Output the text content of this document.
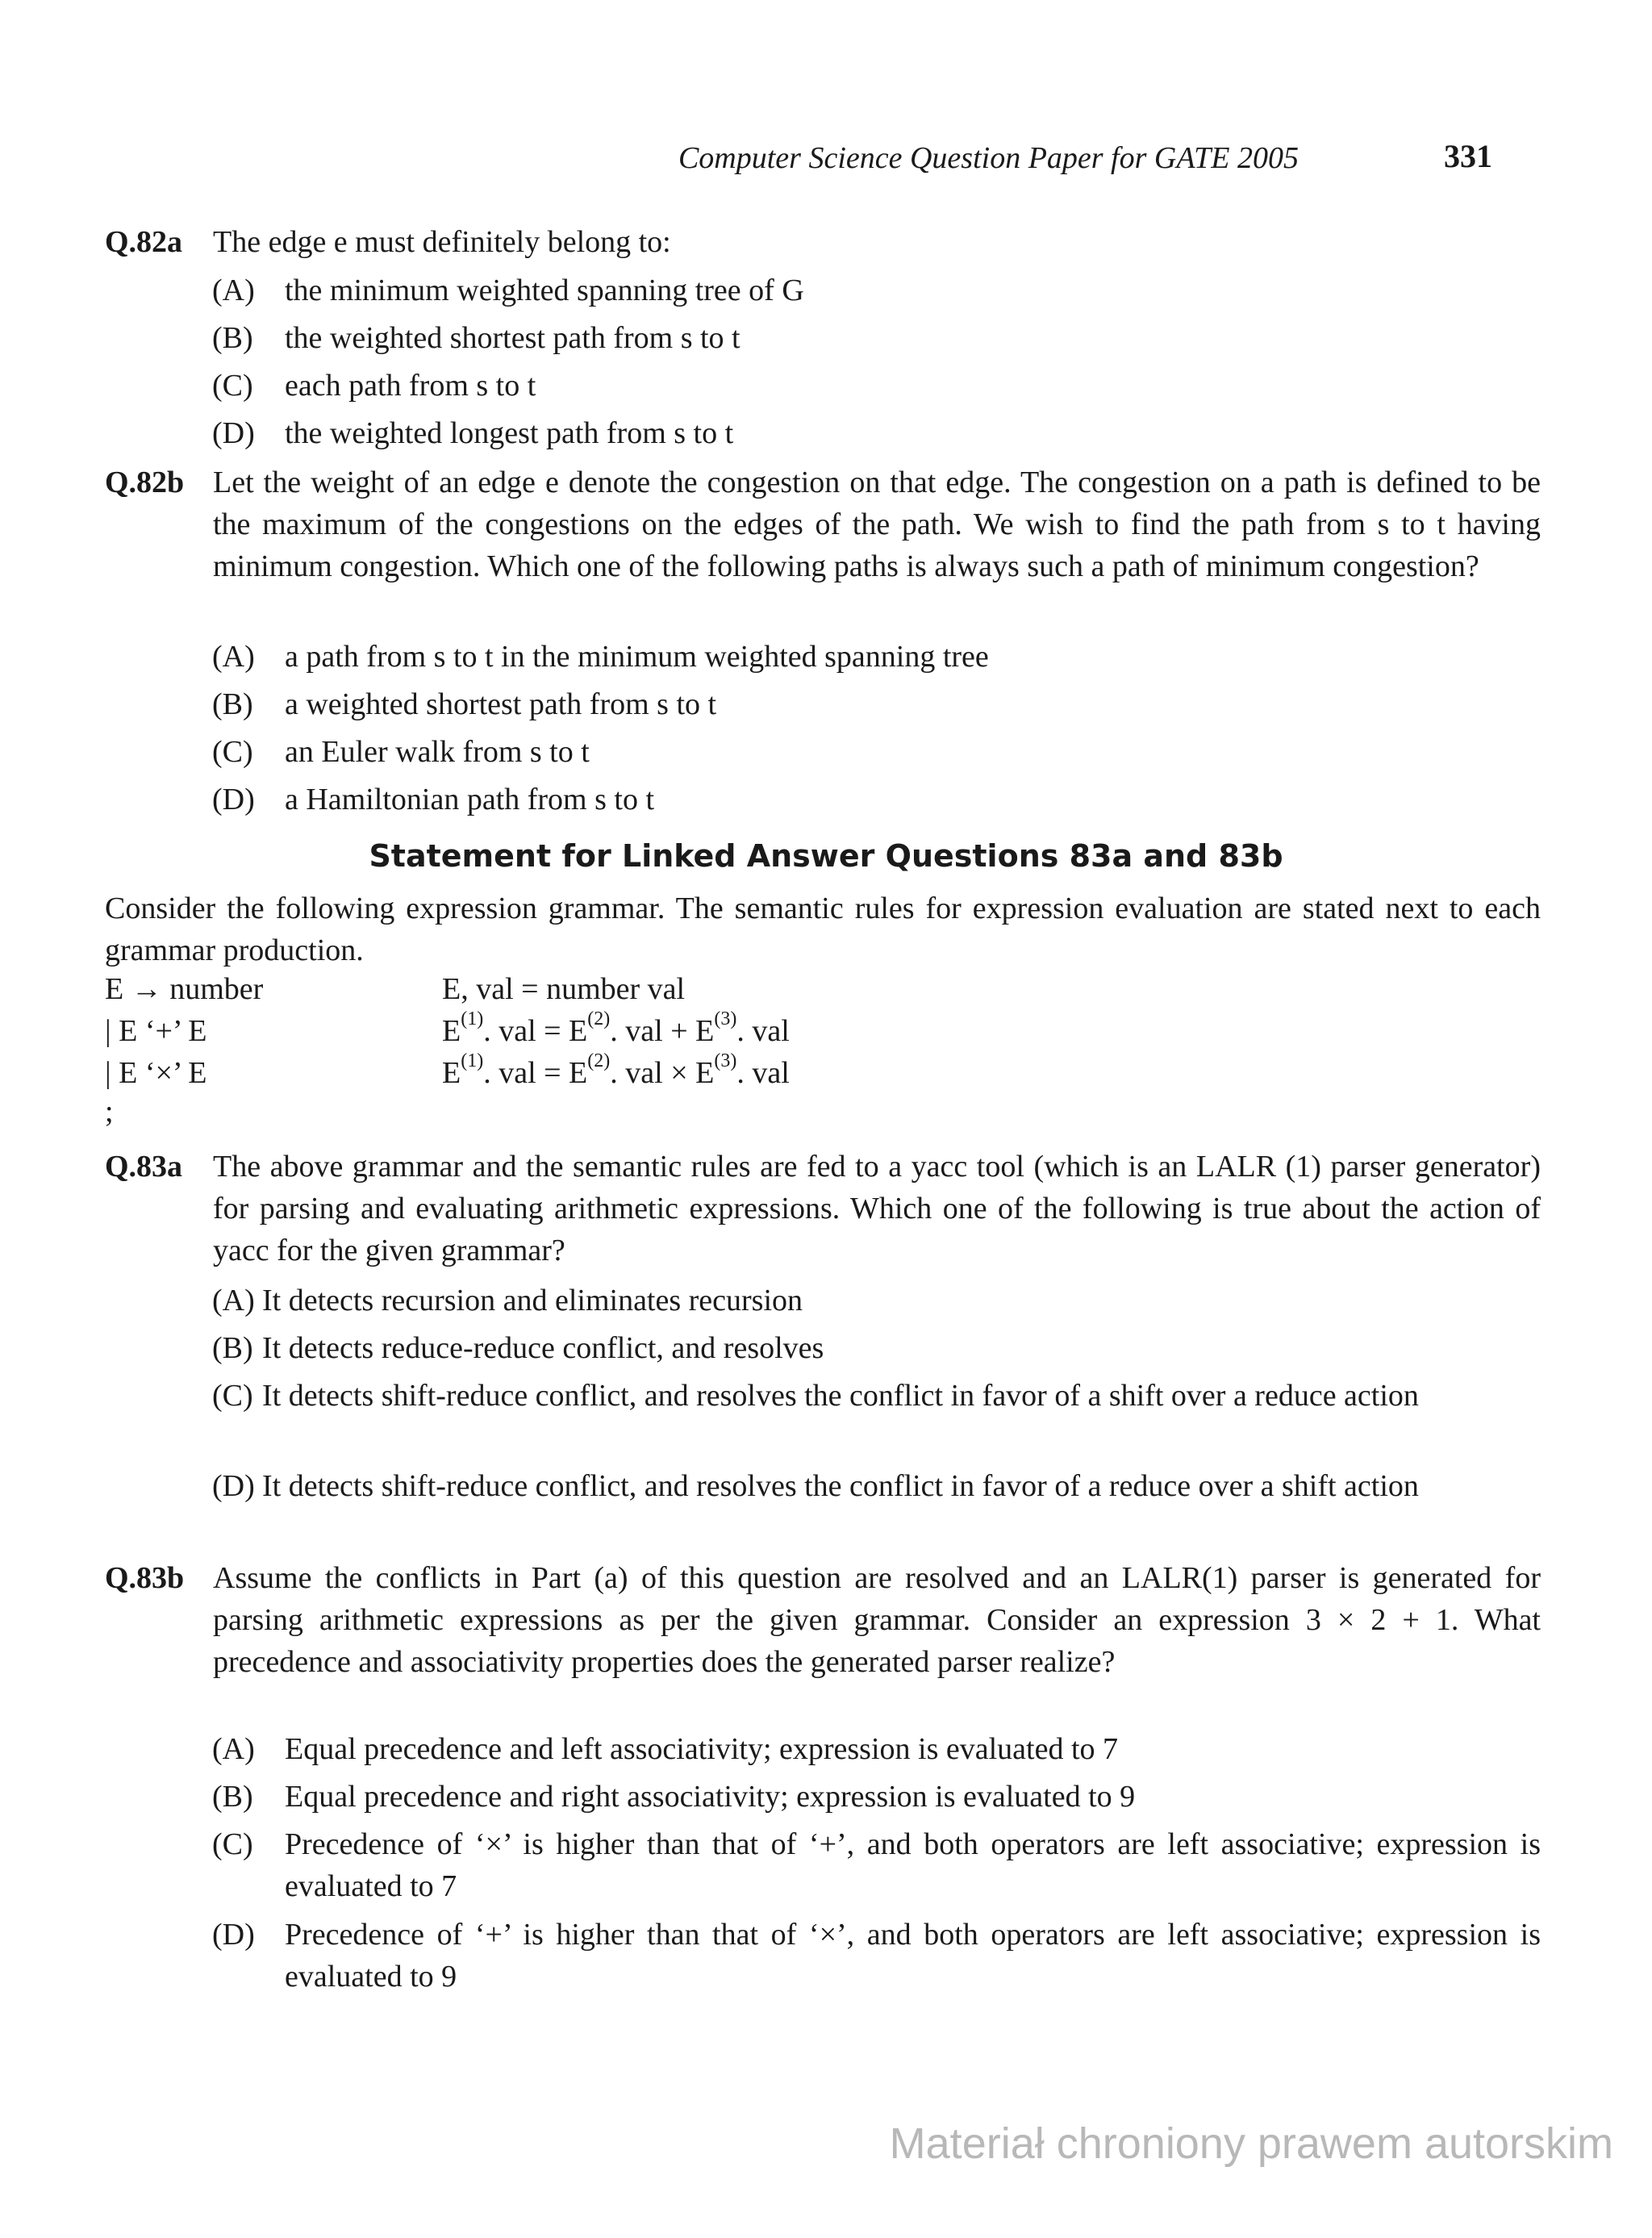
Computer Science Question Paper for GATE 2005	331
Q.82a The edge e must definitely belong to:
(A) the minimum weighted spanning tree of G
(B) the weighted shortest path from s to t
(C) each path from s to t
(D) the weighted longest path from s to t
Q.82b Let the weight of an edge e denote the congestion on that edge. The congestion on a path is defined to be the maximum of the congestions on the edges of the path. We wish to find the path from s to t having minimum congestion. Which one of the following paths is always such a path of minimum congestion?
(A) a path from s to t in the minimum weighted spanning tree
(B) a weighted shortest path from s to t
(C) an Euler walk from s to t
(D) a Hamiltonian path from s to t
Statement for Linked Answer Questions 83a and 83b
Consider the following expression grammar. The semantic rules for expression evaluation are stated next to each grammar production.
E → number	E, val = number val
| E ‘+’ E	$E^{(1)}$. val = $E^{(2)}$. val + $E^{(3)}$. val
| E ‘×’ E	$E^{(1)}$. val = $E^{(2)}$. val × $E^{(3)}$. val
;
Q.83a The above grammar and the semantic rules are fed to a yacc tool (which is an LALR (1) parser generator) for parsing and evaluating arithmetic expressions. Which one of the following is true about the action of yacc for the given grammar?
(A) It detects recursion and eliminates recursion
(B) It detects reduce-reduce conflict, and resolves
(C) It detects shift-reduce conflict, and resolves the conflict in favor of a shift over a reduce action
(D) It detects shift-reduce conflict, and resolves the conflict in favor of a reduce over a shift action
Q.83b Assume the conflicts in Part (a) of this question are resolved and an LALR(1) parser is generated for parsing arithmetic expressions as per the given grammar. Consider an expression 3 × 2 + 1. What precedence and associativity properties does the generated parser realize?
(A) Equal precedence and left associativity; expression is evaluated to 7
(B) Equal precedence and right associativity; expression is evaluated to 9
(C) Precedence of ‘×’ is higher than that of ‘+’, and both operators are left associative; expression is evaluated to 7
(D) Precedence of ‘+’ is higher than that of ‘×’, and both operators are left associative; expression is evaluated to 9
Materiał chroniony prawem autorskim
